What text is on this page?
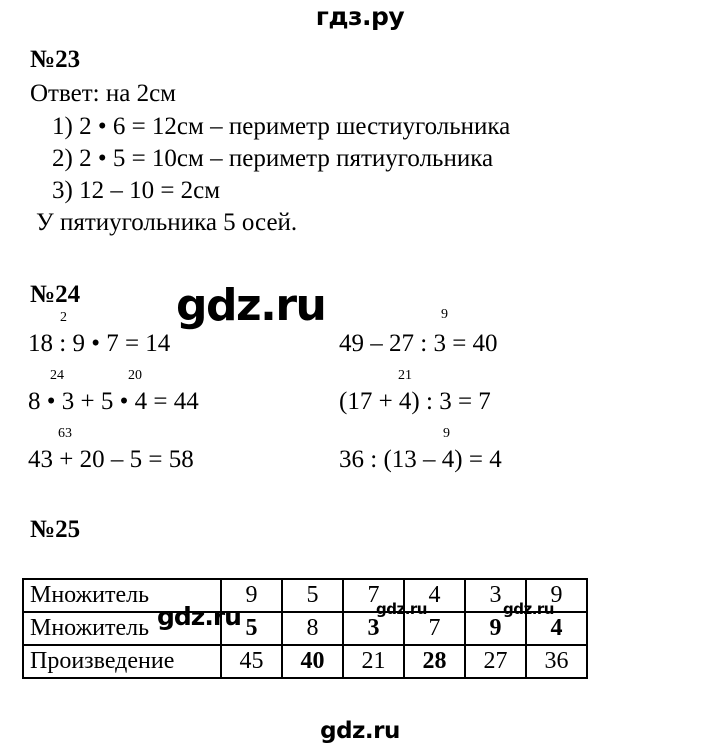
гдз.ру
gdz.ru
№23
Ответ: на 2см
1) 2 • 6 = 12см – периметр шестиугольника
2) 2 • 5 = 10см – периметр пятиугольника
3) 12 – 10 = 2см
У пятиугольника 5 осей.
№24
2
18 : 9 • 7 = 14
24	20
8 • 3 + 5 • 4 = 44
63
43 + 20 – 5 = 58
9
49 – 27 : 3 = 40
21
(17 + 4) : 3 = 7
9
36 : (13 – 4) = 4
№25
Множитель	9	5	7	4	3	9
Множитель	5	8	3	7	9	4
Произведение	45	40	21	28	27	36
gdz.ru	gdz.ru	gdz.ru
gdz.ru
